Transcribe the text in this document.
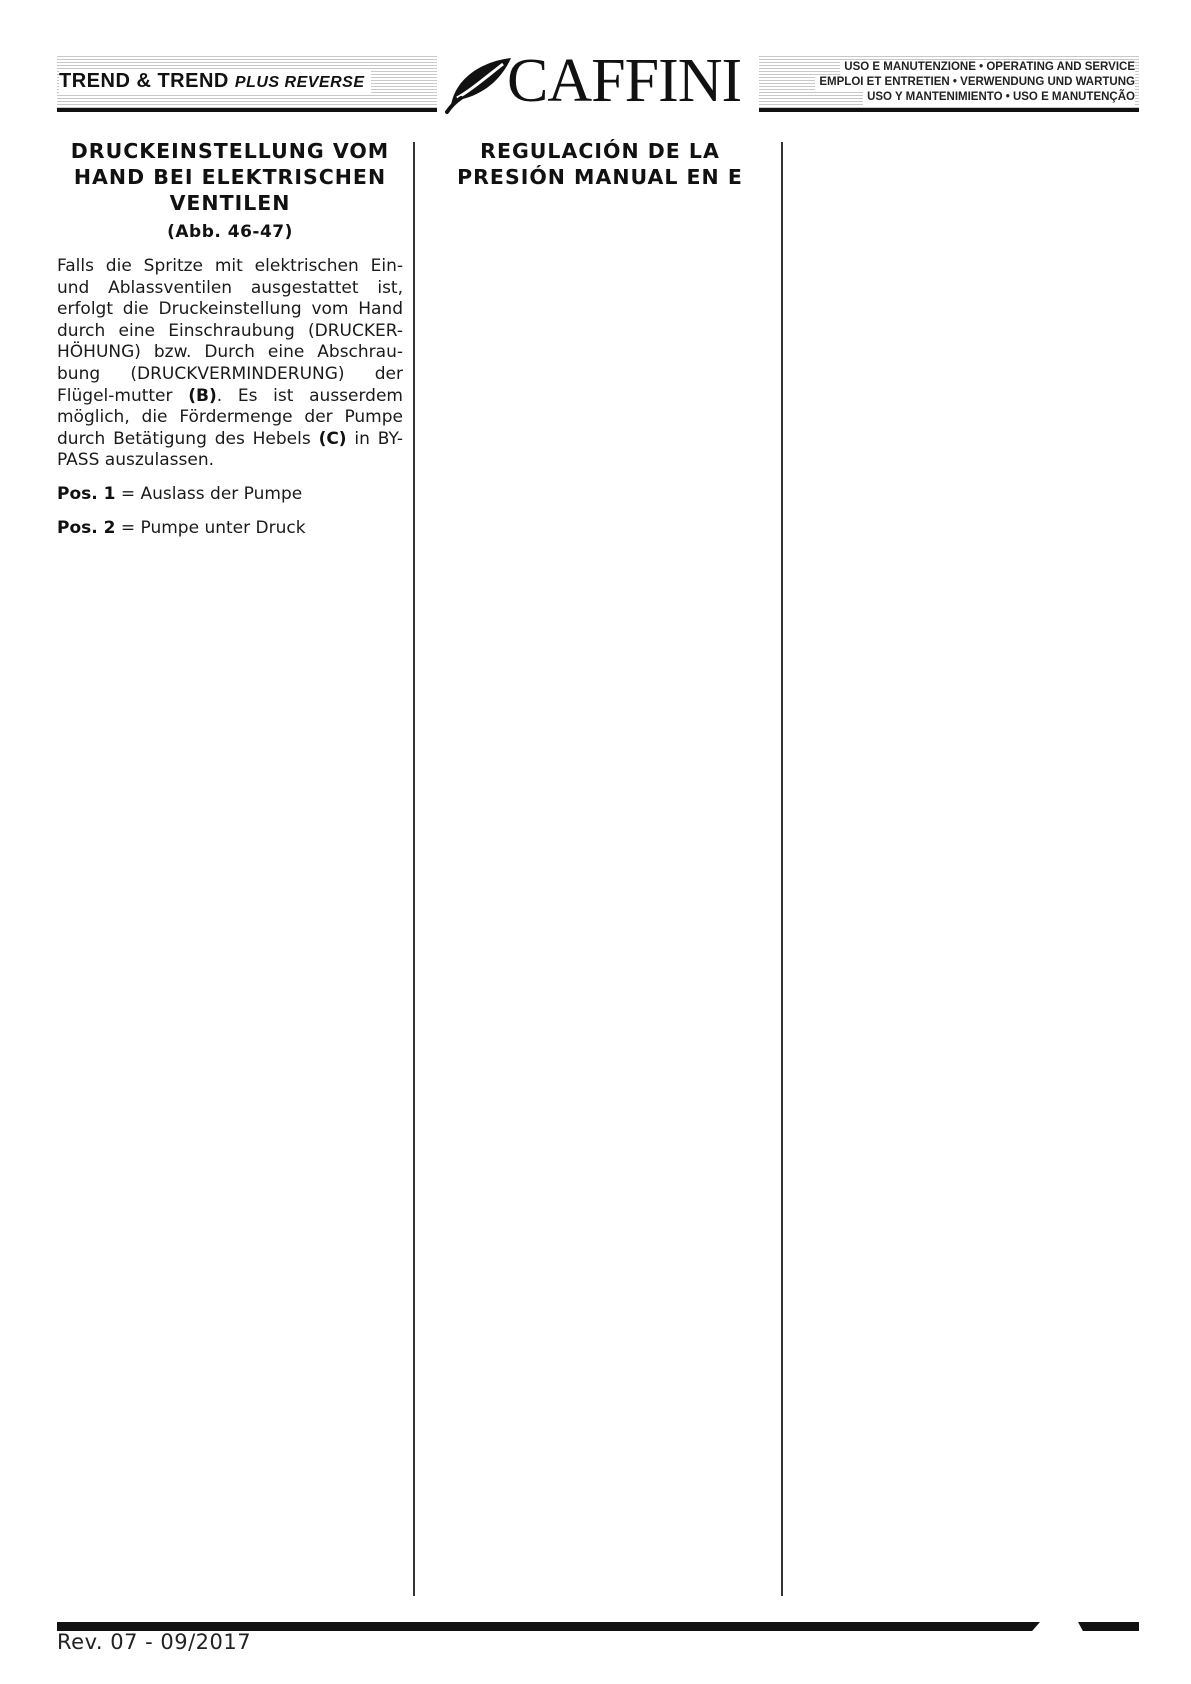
TREND & TREND PLUS REVERSE CAFFINI	USO E MANUTENZIONE • OPERATING AND SERVICE
EMPLOI ET ENTRETIEN • VERWENDUNG UND WARTUNG
USO Y MANTENIMIENTO • USO E MANUTENÇÃO
DRUCKEINSTELLUNG VOM HAND BEI ELEKTRISCHEN VENTILEN
(Abb. 46-47)

Falls die Spritze mit elektrischen Ein- und Ablassventilen ausgestattet ist, erfolgt die Druckeinstellung vom Hand durch eine Einschraubung (DRUCKER-HÖHUNG) bzw. Durch eine Abschrau-bung (DRUCKVERMINDERUNG) der Flügel-mutter (B). Es ist ausserdem möglich, die Fördermenge der Pumpe durch Betätigung des Hebels (C) in BY-PASS auszulassen.

Pos. 1 = Auslass der Pumpe

Pos. 2 = Pumpe unter Druck

REGULACIÓN DE LA
PRESIÓN MANUAL EN E
Rev. 07 - 09/2017
